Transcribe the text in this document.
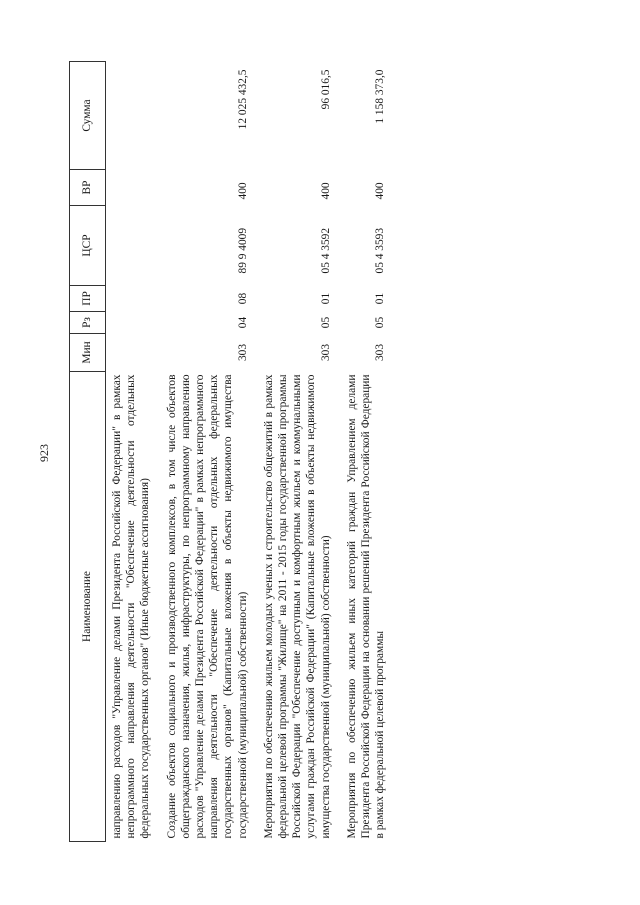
923
Наименование	Мин	Рз	ПР	ЦСР	ВР	Сумма
направлению расходов "Управление делами Президента Российской Федерации" в рамках непрограммного направления деятельности "Обеспечение деятельности отдельных федеральных государственных органов" (Иные бюджетные ассигнования)						
Создание объектов социального и производственного комплексов, в том числе объектов общегражданского назначения, жилья, инфраструктуры, по непрограммному направлению расходов "Управление делами Президента Российской Федерации" в рамках непрограммного направления деятельности "Обеспечение деятельности отдельных федеральных государственных органов" (Капитальные вложения в объекты недвижимого имущества государственной (муниципальной) собственности)	303	04	08	89 9 4009	400	12 025 432,5
Мероприятия по обеспечению жильем молодых ученых и строительство общежитий в рамках федеральной целевой программы "Жилище" на 2011 - 2015 годы государственной программы Российской Федерации "Обеспечение доступным и комфортным жильем и коммунальными услугами граждан Российской Федерации" (Капитальные вложения в объекты недвижимого имущества государственной (муниципальной) собственности)	303	05	01	05 4 3592	400	96 016,5
Мероприятия по обеспечению жильем иных категорий граждан Управлением делами Президента Российской Федерации на основании решений Президента Российской Федерации в рамках федеральной целевой программы	303	05	01	05 4 3593	400	1 158 373,0
